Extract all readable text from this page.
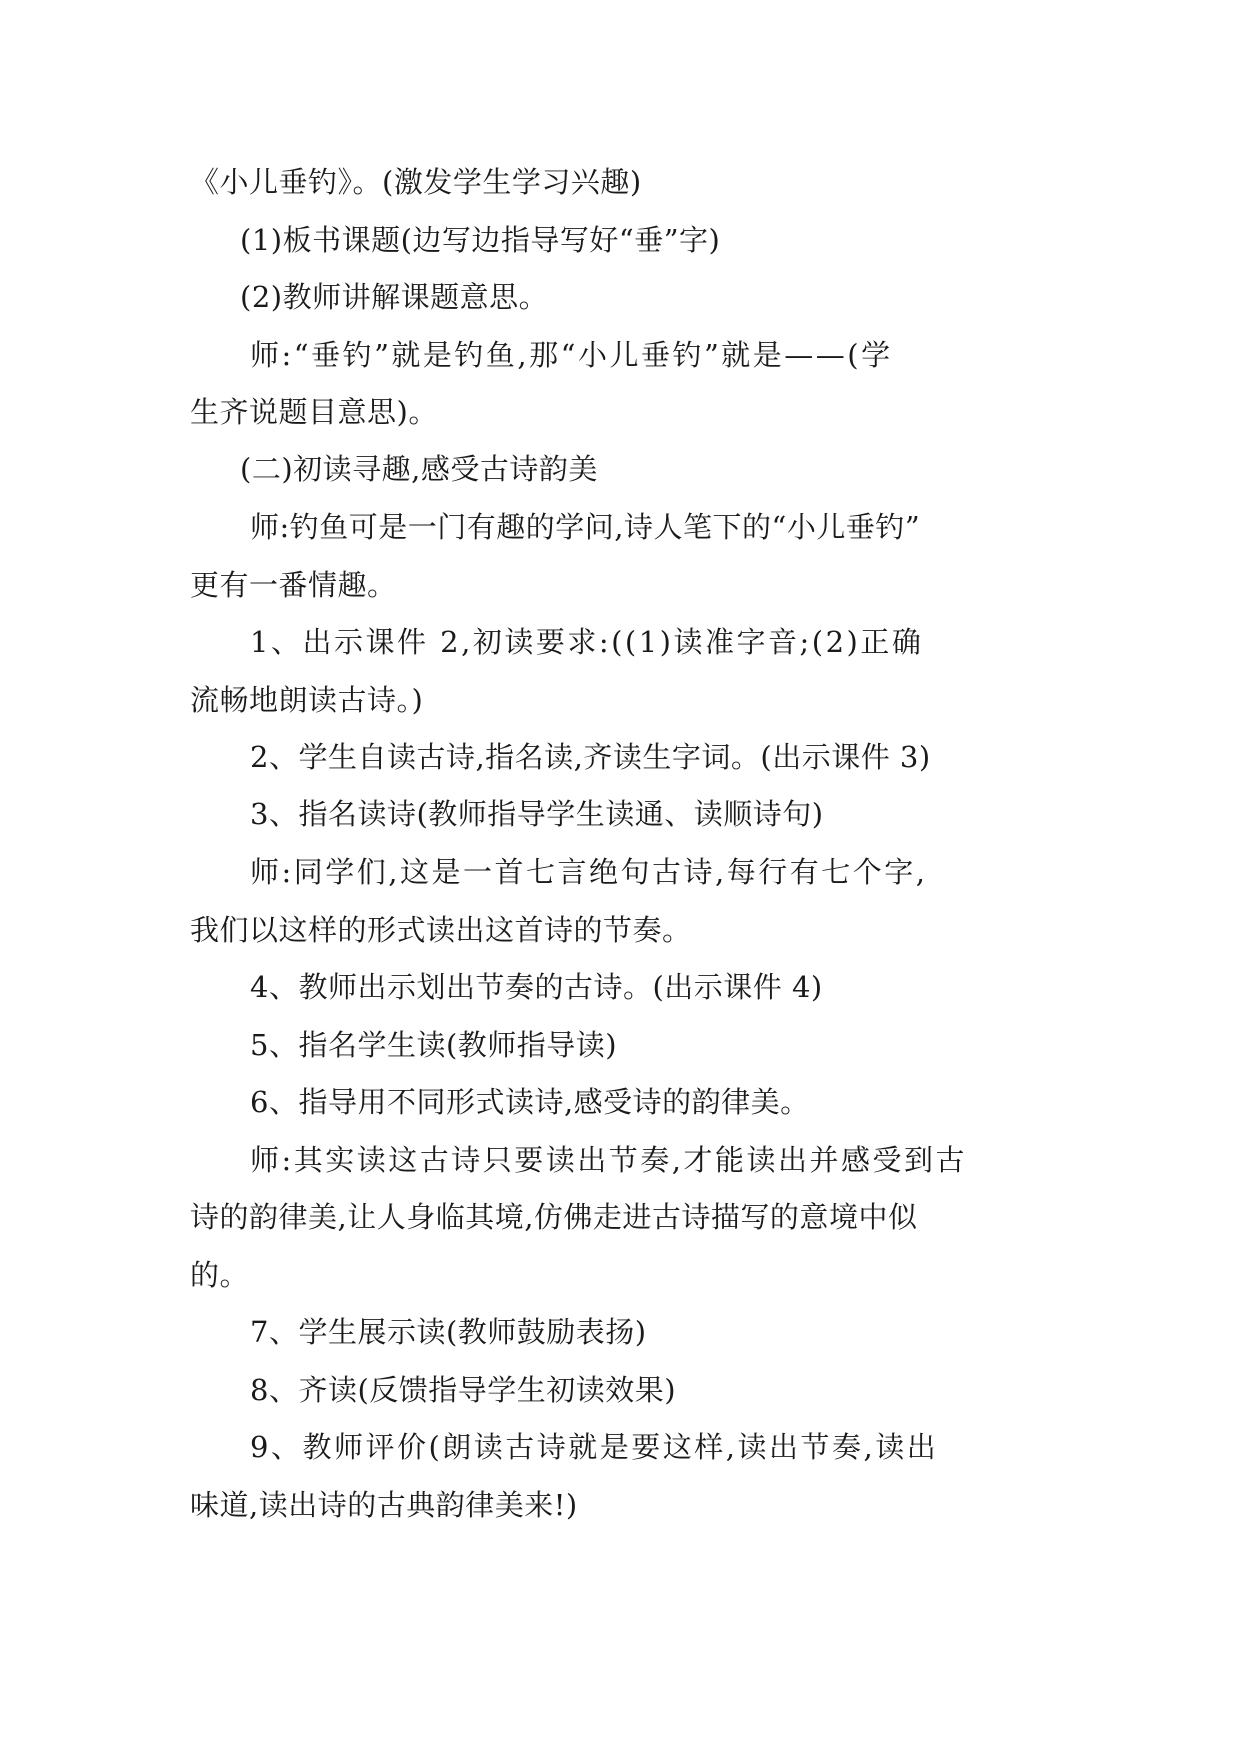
《小儿垂钓》。(激发学生学习兴趣)
(1)板书课题(边写边指导写好“垂”字)
(2)教师讲解课题意思。
师:“垂钓”就是钓鱼,那“小儿垂钓”就是——(学
生齐说题目意思)。
(二)初读寻趣,感受古诗韵美
师:钓鱼可是一门有趣的学问,诗人笔下的“小儿垂钓”
更有一番情趣。
1、出示课件 2,初读要求:((1)读准字音;(2)正确
流畅地朗读古诗。)
2、学生自读古诗,指名读,齐读生字词。(出示课件 3)
3、指名读诗(教师指导学生读通、读顺诗句)
师:同学们,这是一首七言绝句古诗,每行有七个字,
我们以这样的形式读出这首诗的节奏。
4、教师出示划出节奏的古诗。(出示课件 4)
5、指名学生读(教师指导读)
6、指导用不同形式读诗,感受诗的韵律美。
师:其实读这古诗只要读出节奏,才能读出并感受到古
诗的韵律美,让人身临其境,仿佛走进古诗描写的意境中似
的。
7、学生展示读(教师鼓励表扬)
8、齐读(反馈指导学生初读效果)
9、教师评价(朗读古诗就是要这样,读出节奏,读出
味道,读出诗的古典韵律美来!)
